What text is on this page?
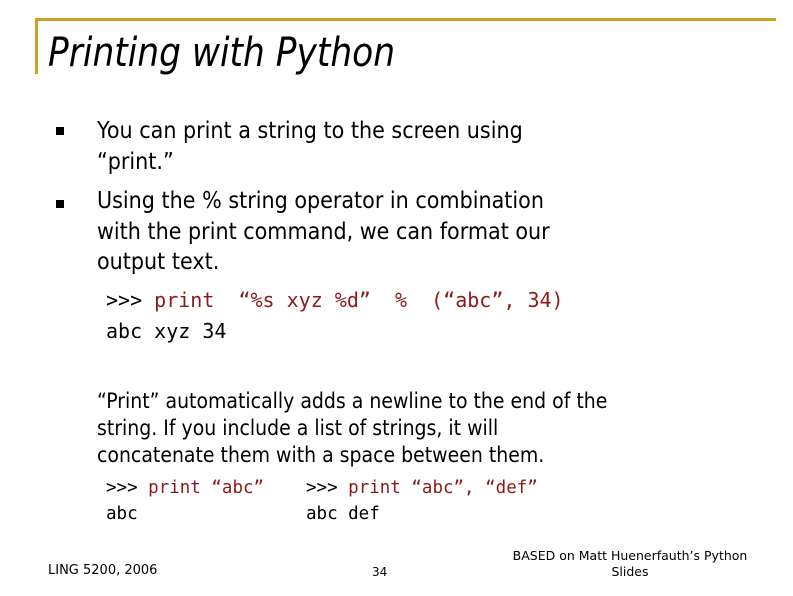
Printing with Python
You can print a string to the screen using
“print.”
Using the % string operator in combination
with the print command, we can format our
output text.
>>> print  “%s xyz %d”  %  (“abc”, 34)
abc xyz 34
“Print” automatically adds a newline to the end of the
string. If you include a list of strings, it will
concatenate them with a space between them.
>>> print “abc” >>> print “abc”, “def”
abc	abc def
LING 5200, 2006	34
BASED on Matt Huenerfauth’s Python
Slides
